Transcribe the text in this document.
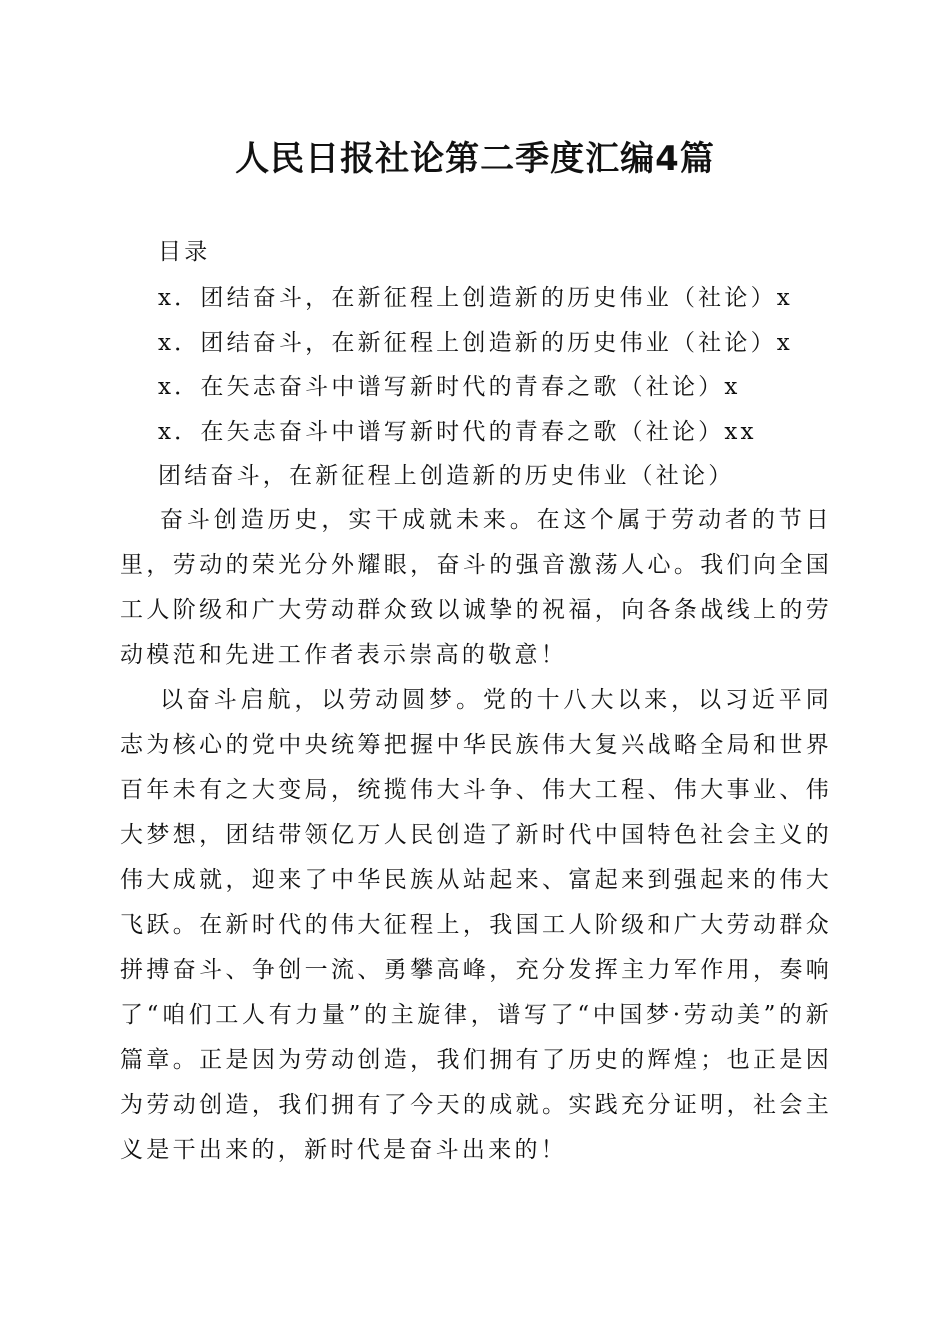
人民日报社论第二季度汇编4篇
目录
x．团结奋斗，在新征程上创造新的历史伟业（社论）x
x．团结奋斗，在新征程上创造新的历史伟业（社论）x
x．在矢志奋斗中谱写新时代的青春之歌（社论）x
x．在矢志奋斗中谱写新时代的青春之歌（社论）xx
团结奋斗，在新征程上创造新的历史伟业（社论）

奋斗创造历史，实干成就未来。在这个属于劳动者的节日里，劳动的荣光分外耀眼，奋斗的强音激荡人心。我们向全国工人阶级和广大劳动群众致以诚挚的祝福，向各条战线上的劳动模范和先进工作者表示崇高的敬意！

以奋斗启航，以劳动圆梦。党的十八大以来，以习近平同志为核心的党中央统筹把握中华民族伟大复兴战略全局和世界百年未有之大变局，统揽伟大斗争、伟大工程、伟大事业、伟大梦想，团结带领亿万人民创造了新时代中国特色社会主义的伟大成就，迎来了中华民族从站起来、富起来到强起来的伟大飞跃。在新时代的伟大征程上，我国工人阶级和广大劳动群众拼搏奋斗、争创一流、勇攀高峰，充分发挥主力军作用，奏响了“咱们工人有力量”的主旋律，谱写了“中国梦·劳动美”的新篇章。正是因为劳动创造，我们拥有了历史的辉煌；也正是因为劳动创造，我们拥有了今天的成就。实践充分证明，社会主义是干出来的，新时代是奋斗出来的！
